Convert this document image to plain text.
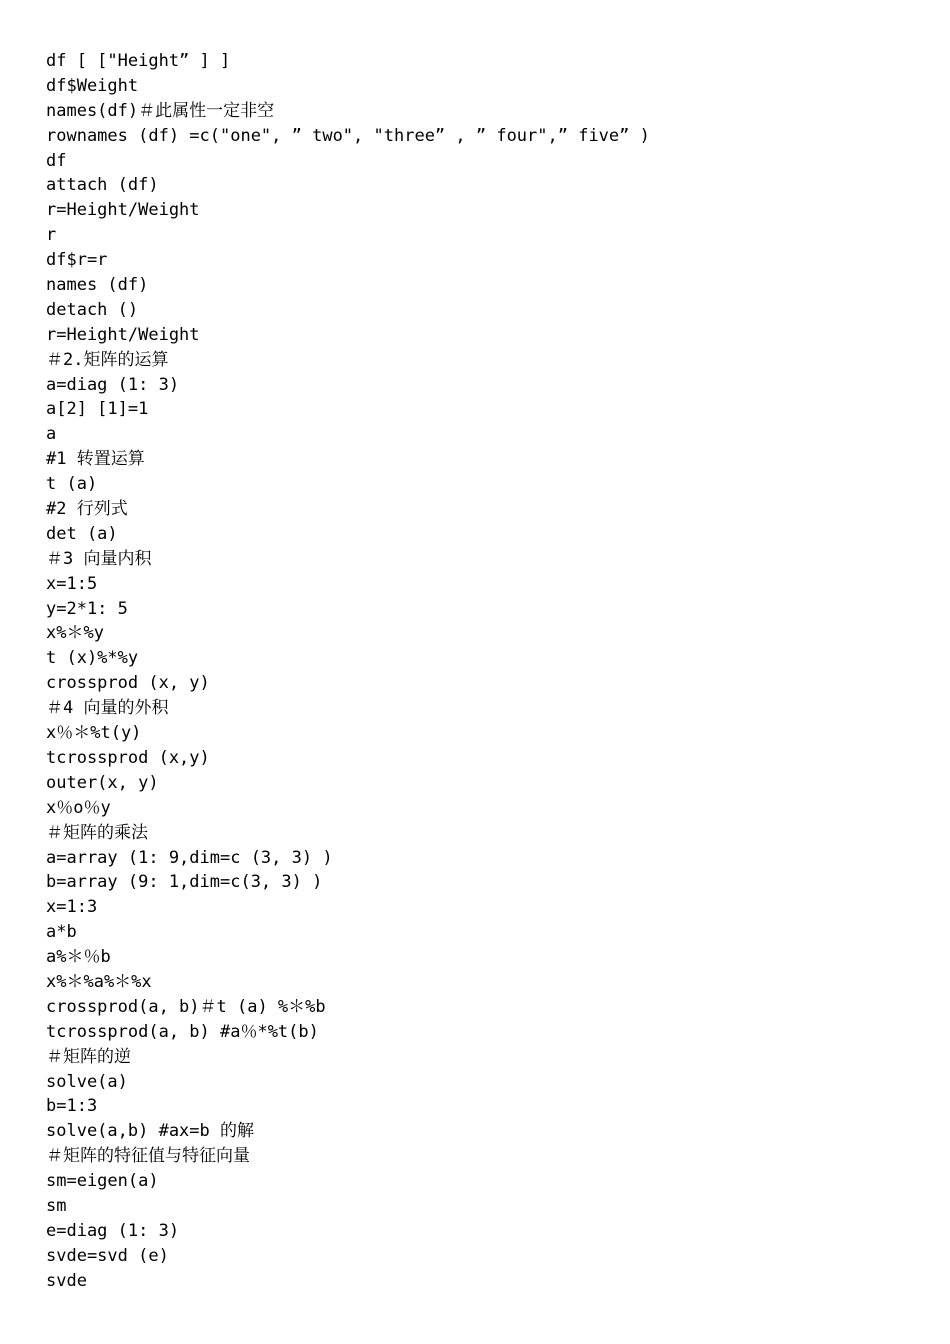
df [ ["Height” ] ]
df$Weight
names(df)＃此属性一定非空
rownames (df) =c("one", ” two", "three” , ” four",” five” )
df
attach (df)
r=Height/Weight
r
df$r=r
names (df)
detach ()
r=Height/Weight
＃2.矩阵的运算
a=diag (1: 3)
a[2] [1]=1
a
#1 转置运算
t (a)
#2 行列式
det (a)
＃3 向量内积
x=1:5
y=2*1: 5
x%＊%y
t (x)%*%y
crossprod (x, y)
＃4 向量的外积
x％＊%t(y)
tcrossprod (x,y)
outer(x, y)
x％o％y
＃矩阵的乘法
a=array (1: 9,dim=c (3, 3) )
b=array (9: 1,dim=c(3, 3) )
x=1:3
a*b
a%＊％b
x%＊%a%＊%x
crossprod(a, b)＃t (a) %＊%b
tcrossprod(a, b) #a％*%t(b)
＃矩阵的逆
solve(a)
b=1:3
solve(a,b) #ax=b 的解
＃矩阵的特征值与特征向量
sm=eigen(a)
sm
e=diag (1: 3)
svde=svd (e)
svde
